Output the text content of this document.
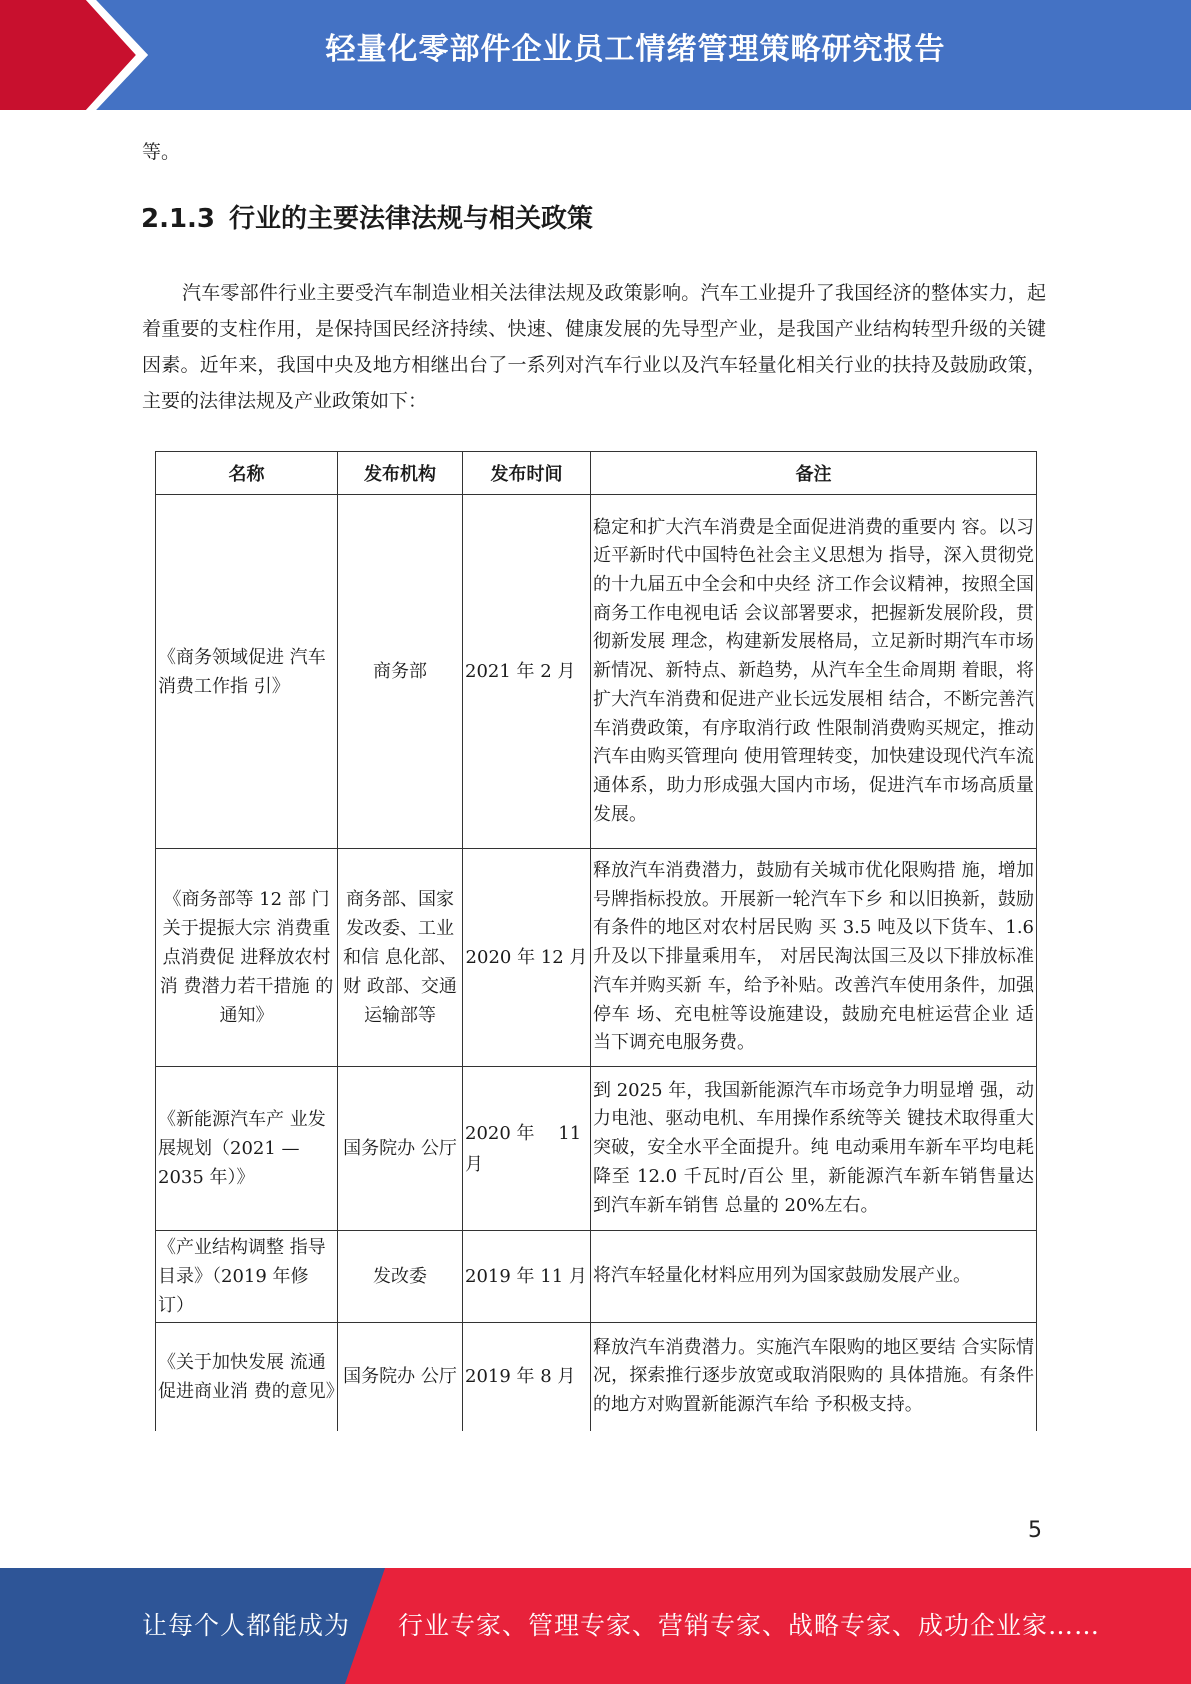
轻量化零部件企业员工情绪管理策略研究报告
等。
2.1.3 行业的主要法律法规与相关政策

汽车零部件行业主要受汽车制造业相关法律法规及政策影响。汽车工业提升了我国经济的整体实力，起着重要的支柱作用，是保持国民经济持续、快速、健康发展的先导型产业，是我国产业结构转型升级的关键因素。近年来，我国中央及地方相继出台了一系列对汽车行业以及汽车轻量化相关行业的扶持及鼓励政策，主要的法律法规及产业政策如下：

名称	发布机构	发布时间	备注
《商务领域促进 汽车消费工作指 引》	商务部	2021 年 2 月	稳定和扩大汽车消费是全面促进消费的重要内 容。以习近平新时代中国特色社会主义思想为 指导，深入贯彻党的十九届五中全会和中央经 济工作会议精神，按照全国商务工作电视电话 会议部署要求，把握新发展阶段，贯彻新发展 理念，构建新发展格局，立足新时期汽车市场 新情况、新特点、新趋势，从汽车全生命周期 着眼，将扩大汽车消费和促进产业长远发展相 结合，不断完善汽车消费政策，有序取消行政 性限制消费购买规定，推动汽车由购买管理向 使用管理转变，加快建设现代汽车流通体系，助力形成强大国内市场，促进汽车市场高质量 发展。
《商务部等 12 部 门关于提振大宗 消费重点消费促 进释放农村消 费潜力若干措施 的通知》	商务部、国家发改委、工业和信 息化部、财 政部、交通运输部等	2020 年 12 月	释放汽车消费潜力，鼓励有关城市优化限购措 施，增加号牌指标投放。开展新一轮汽车下乡 和以旧换新，鼓励有条件的地区对农村居民购 买 3.5 吨及以下货车、1.6 升及以下排量乘用车， 对居民淘汰国三及以下排放标准汽车并购买新 车，给予补贴。改善汽车使用条件，加强停车 场、充电桩等设施建设，鼓励充电桩运营企业 适当下调充电服务费。
《新能源汽车产 业发展规划（2021 —2035 年）》	国务院办 公厅	2020 年　 11 月	到 2025 年，我国新能源汽车市场竞争力明显增 强，动力电池、驱动电机、车用操作系统等关 键技术取得重大突破，安全水平全面提升。纯 电动乘用车新车平均电耗降至 12.0 千瓦时/百公 里，新能源汽车新车销售量达到汽车新车销售 总量的 20%左右。
《产业结构调整 指导目录》（2019 年修订）	发改委	2019 年 11 月	将汽车轻量化材料应用列为国家鼓励发展产业。
《关于加快发展 流通促进商业消 费的意见》	国务院办 公厅	2019 年 8 月	释放汽车消费潜力。实施汽车限购的地区要结 合实际情况，探索推行逐步放宽或取消限购的 具体措施。有条件的地方对购置新能源汽车给 予积极支持。
5
让每个人都能成为 行业专家、管理专家、营销专家、战略专家、成功企业家……
